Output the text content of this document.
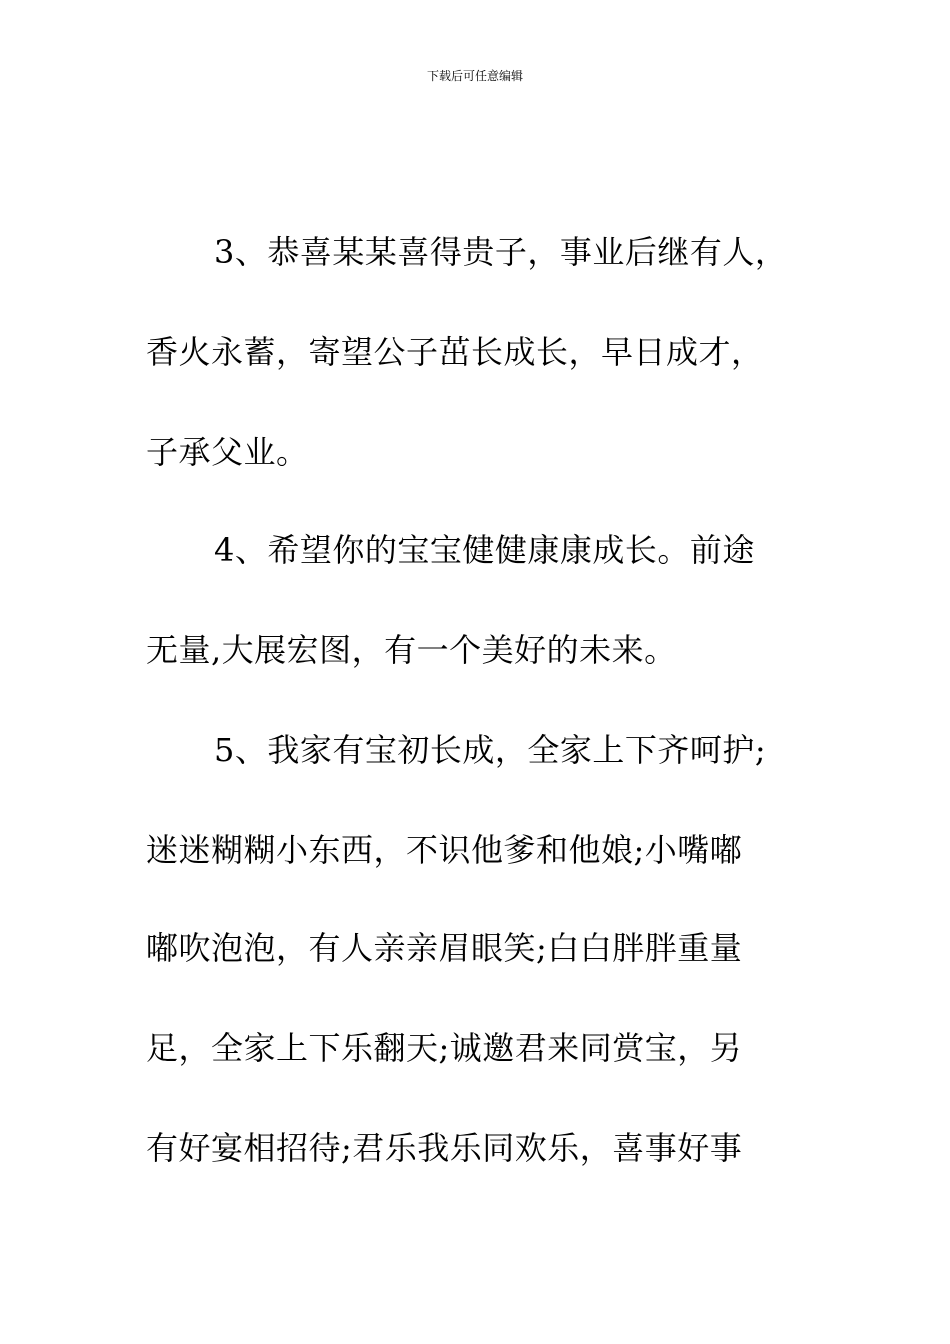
下载后可任意编辑
3、恭喜某某喜得贵子，事业后继有人，
香火永蓄，寄望公子茁长成长，早日成才，
子承父业。
4、希望你的宝宝健健康康成长。前途
无量,大展宏图，有一个美好的未来。
5、我家有宝初长成，全家上下齐呵护;
迷迷糊糊小东西，不识他爹和他娘;小嘴嘟
嘟吹泡泡，有人亲亲眉眼笑;白白胖胖重量
足，全家上下乐翻天;诚邀君来同赏宝，另
有好宴相招待;君乐我乐同欢乐，喜事好事
